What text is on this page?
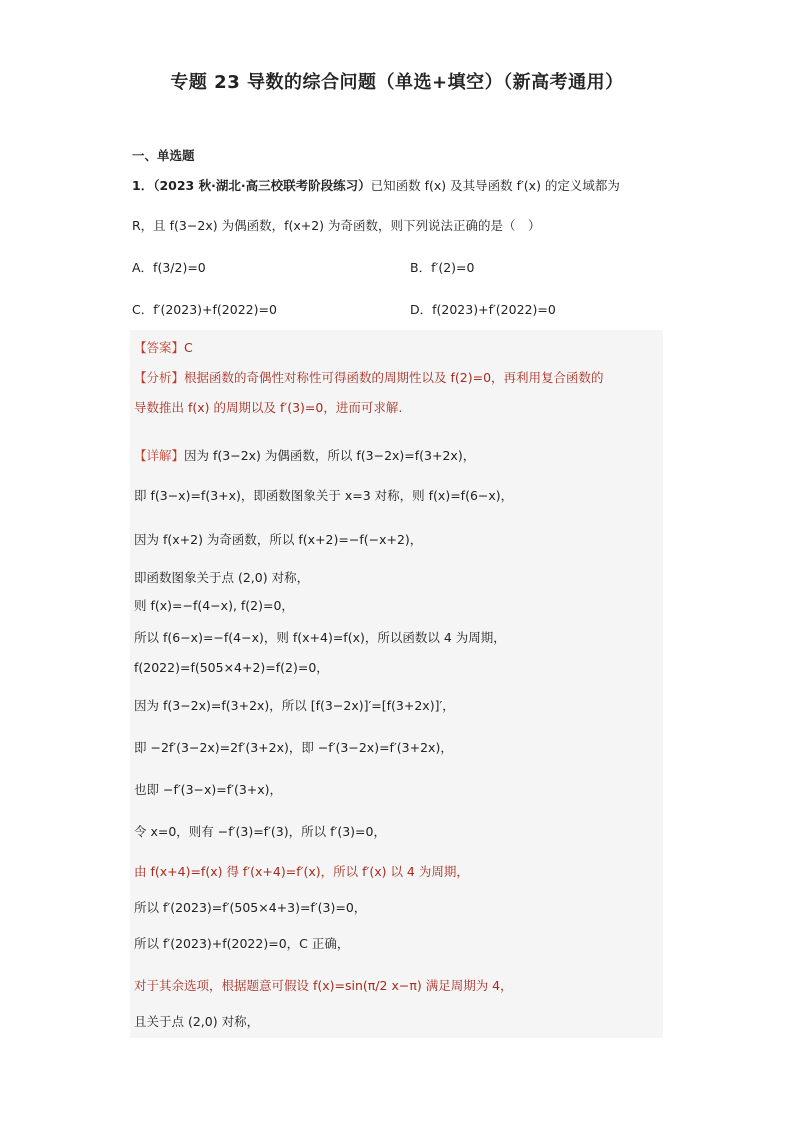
专题 23 导数的综合问题（单选+填空）（新高考通用）
一、单选题
1．（2023 秋·湖北·高三校联考阶段练习）已知函数 f(x) 及其导函数 f′(x) 的定义域都为
R，且 f(3−2x) 为偶函数，f(x+2) 为奇函数，则下列说法正确的是（　）
A．f(3/2)=0	B．f′(2)=0
C．f′(2023)+f(2022)=0	D．f(2023)+f′(2022)=0
【答案】C
【分析】根据函数的奇偶性对称性可得函数的周期性以及 f(2)=0，再利用复合函数的
导数推出 f(x) 的周期以及 f′(3)=0，进而可求解.
【详解】因为 f(3−2x) 为偶函数，所以 f(3−2x)=f(3+2x)，
即 f(3−x)=f(3+x)，即函数图象关于 x=3 对称，则 f(x)=f(6−x)，
因为 f(x+2) 为奇函数，所以 f(x+2)=−f(−x+2)，
即函数图象关于点 (2,0) 对称，
则 f(x)=−f(4−x), f(2)=0，
所以 f(6−x)=−f(4−x)，则 f(x+4)=f(x)，所以函数以 4 为周期，
f(2022)=f(505×4+2)=f(2)=0，
因为 f(3−2x)=f(3+2x)，所以 [f(3−2x)]′=[f(3+2x)]′，
即 −2f′(3−2x)=2f′(3+2x)，即 −f′(3−2x)=f′(3+2x)，
也即 −f′(3−x)=f′(3+x)，
令 x=0，则有 −f′(3)=f′(3)，所以 f′(3)=0，
由 f(x+4)=f(x) 得 f′(x+4)=f′(x)，所以 f′(x) 以 4 为周期，
所以 f′(2023)=f′(505×4+3)=f′(3)=0，
所以 f′(2023)+f(2022)=0，C 正确，
对于其余选项，根据题意可假设 f(x)=sin(π/2 x−π) 满足周期为 4，
且关于点 (2,0) 对称，
